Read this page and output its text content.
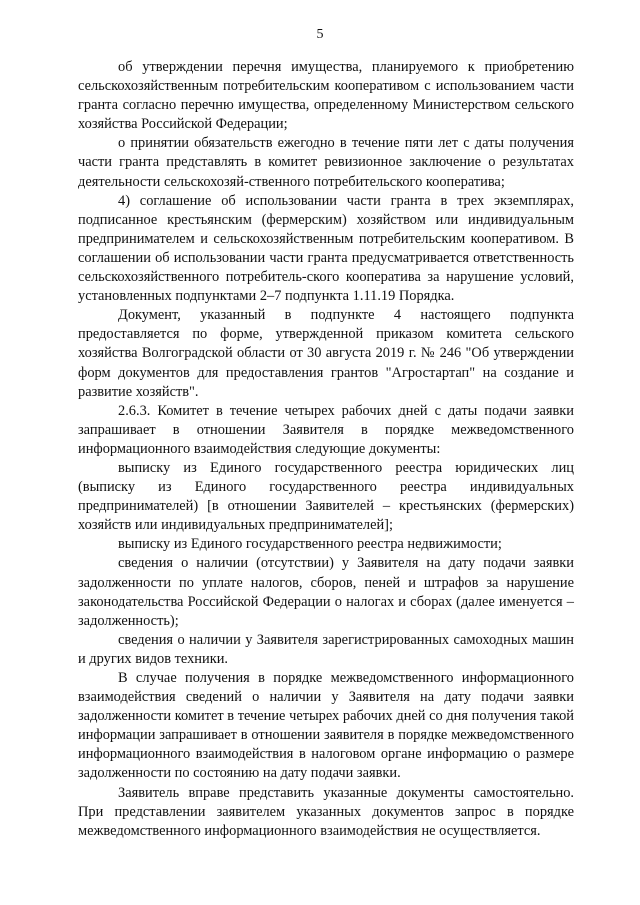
5

об утверждении перечня имущества, планируемого к приобретению сельскохозяйственным потребительским кооперативом с использованием части гранта согласно перечню имущества, определенному Министерством сельского хозяйства Российской Федерации;

о принятии обязательств ежегодно в течение пяти лет с даты получения части гранта представлять в комитет ревизионное заключение о результатах деятельности сельскохозяй-ственного потребительского кооператива;

4) соглашение об использовании части гранта в трех экземплярах, подписанное крестьянским (фермерским) хозяйством или индивидуальным предпринимателем и сельскохозяйственным потребительским кооперативом. В соглашении об использовании части гранта предусматривается ответственность сельскохозяйственного потребитель-ского кооператива за нарушение условий, установленных подпунктами 2–7 подпункта 1.11.19 Порядка.

Документ, указанный в подпункте 4 настоящего подпункта предоставляется по форме, утвержденной приказом комитета сельского хозяйства Волгоградской области от 30 августа 2019 г. № 246 "Об утверждении форм документов для предоставления грантов "Агростартап" на создание и развитие хозяйств".

2.6.3. Комитет в течение четырех рабочих дней с даты подачи заявки запрашивает в отношении Заявителя в порядке межведомственного информационного взаимодействия следующие документы:

выписку из Единого государственного реестра юридических лиц (выписку из Единого государственного реестра индивидуальных предпринимателей) [в отношении Заявителей – крестьянских (фермерских) хозяйств или индивидуальных предпринимателей];

выписку из Единого государственного реестра недвижимости;

сведения о наличии (отсутствии) у Заявителя на дату подачи заявки задолженности по уплате налогов, сборов, пеней и штрафов за нарушение законодательства Российской Федерации о налогах и сборах (далее именуется – задолженность);

сведения о наличии у Заявителя зарегистрированных самоходных машин и других видов техники.

В случае получения в порядке межведомственного информационного взаимодействия сведений о наличии у Заявителя на дату подачи заявки задолженности комитет в течение четырех рабочих дней со дня получения такой информации запрашивает в отношении заявителя в порядке межведомственного информационного взаимодействия в налоговом органе информацию о размере задолженности по состоянию на дату подачи заявки.

Заявитель вправе представить указанные документы самостоятельно. При представлении заявителем указанных документов запрос в порядке межведомственного информационного взаимодействия не осуществляется.
